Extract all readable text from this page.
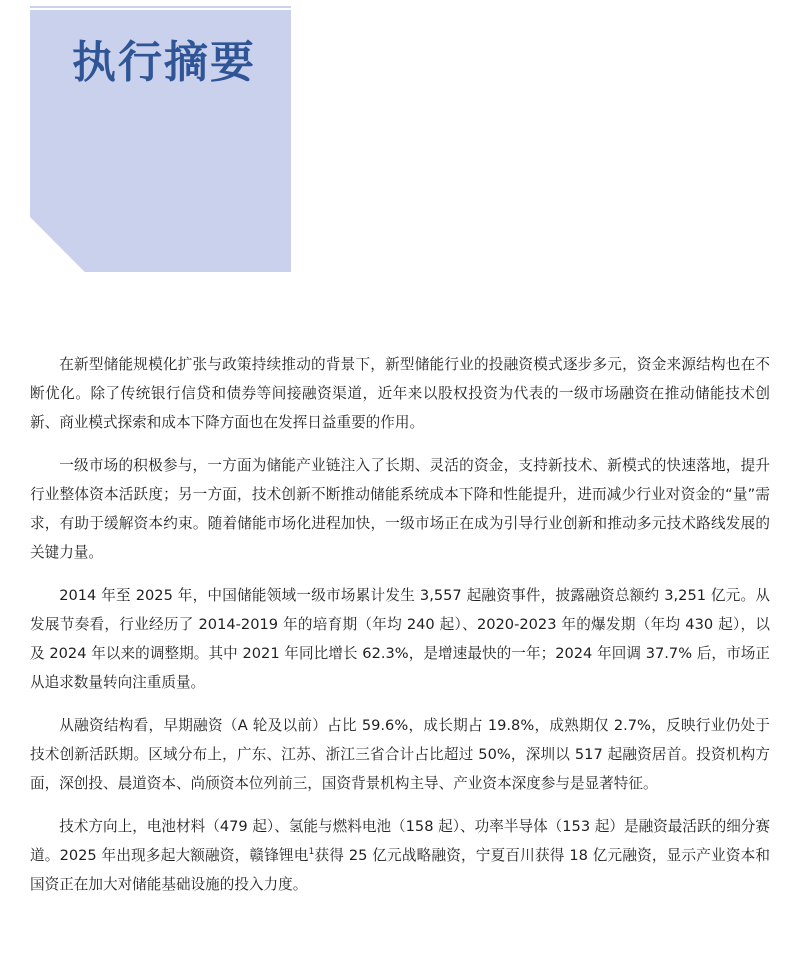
执行摘要

在新型储能规模化扩张与政策持续推动的背景下，新型储能行业的投融资模式逐步多元，资金来源结构也在不断优化。除了传统银行信贷和债券等间接融资渠道，近年来以股权投资为代表的一级市场融资在推动储能技术创新、商业模式探索和成本下降方面也在发挥日益重要的作用。

一级市场的积极参与，一方面为储能产业链注入了长期、灵活的资金，支持新技术、新模式的快速落地，提升行业整体资本活跃度；另一方面，技术创新不断推动储能系统成本下降和性能提升，进而减少行业对资金的“量”需求，有助于缓解资本约束。随着储能市场化进程加快，一级市场正在成为引导行业创新和推动多元技术路线发展的关键力量。

2014 年至 2025 年，中国储能领域一级市场累计发生 3,557 起融资事件，披露融资总额约 3,251 亿元。从发展节奏看，行业经历了 2014-2019 年的培育期（年均 240 起）、2020-2023 年的爆发期（年均 430 起），以及 2024 年以来的调整期。其中 2021 年同比增长 62.3%，是增速最快的一年；2024 年回调 37.7% 后，市场正从追求数量转向注重质量。

从融资结构看，早期融资（A 轮及以前）占比 59.6%，成长期占 19.8%，成熟期仅 2.7%，反映行业仍处于技术创新活跃期。区域分布上，广东、江苏、浙江三省合计占比超过 50%，深圳以 517 起融资居首。投资机构方面，深创投、晨道资本、尚颀资本位列前三，国资背景机构主导、产业资本深度参与是显著特征。

技术方向上，电池材料（479 起）、氢能与燃料电池（158 起）、功率半导体（153 起）是融资最活跃的细分赛道。2025 年出现多起大额融资，赣锋锂电$^1$获得 25 亿元战略融资，宁夏百川获得 18 亿元融资，显示产业资本和国资正在加大对储能基础设施的投入力度。
